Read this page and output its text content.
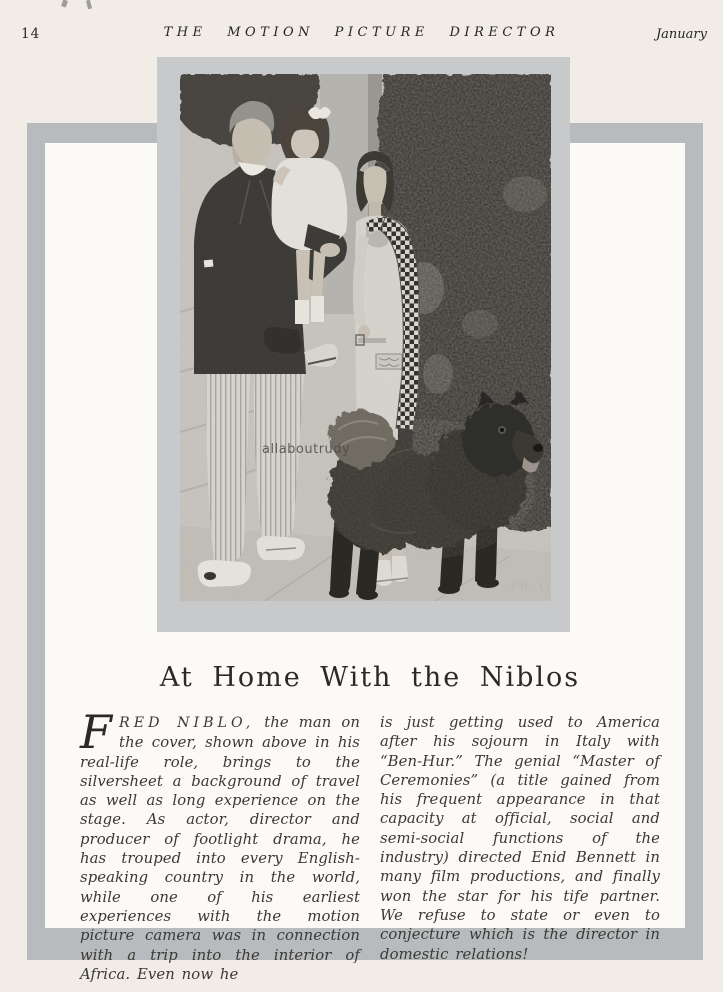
14	THE MOTION PICTURE DIRECTOR	January
allaboutrudy
Pb. G
At Home With the Niblos

FRED NIBLO, the man on the cover, shown above in his real-life role, brings to the silversheet a background of travel as well as long experience on the stage. As actor, director and producer of footlight drama, he has trouped into every English-speaking country in the world, while one of his earliest experiences with the motion picture camera was in connection with a trip into the interior of Africa. Even now he

is just getting used to America after his sojourn in Italy with “Ben-Hur.” The genial “Master of Ceremonies” (a title gained from his frequent appearance in that capacity at official, social and semi-social functions of the industry) directed Enid Bennett in many film productions, and finally won the star for his tife partner. We refuse to state or even to conjecture which is the director in domestic relations!
